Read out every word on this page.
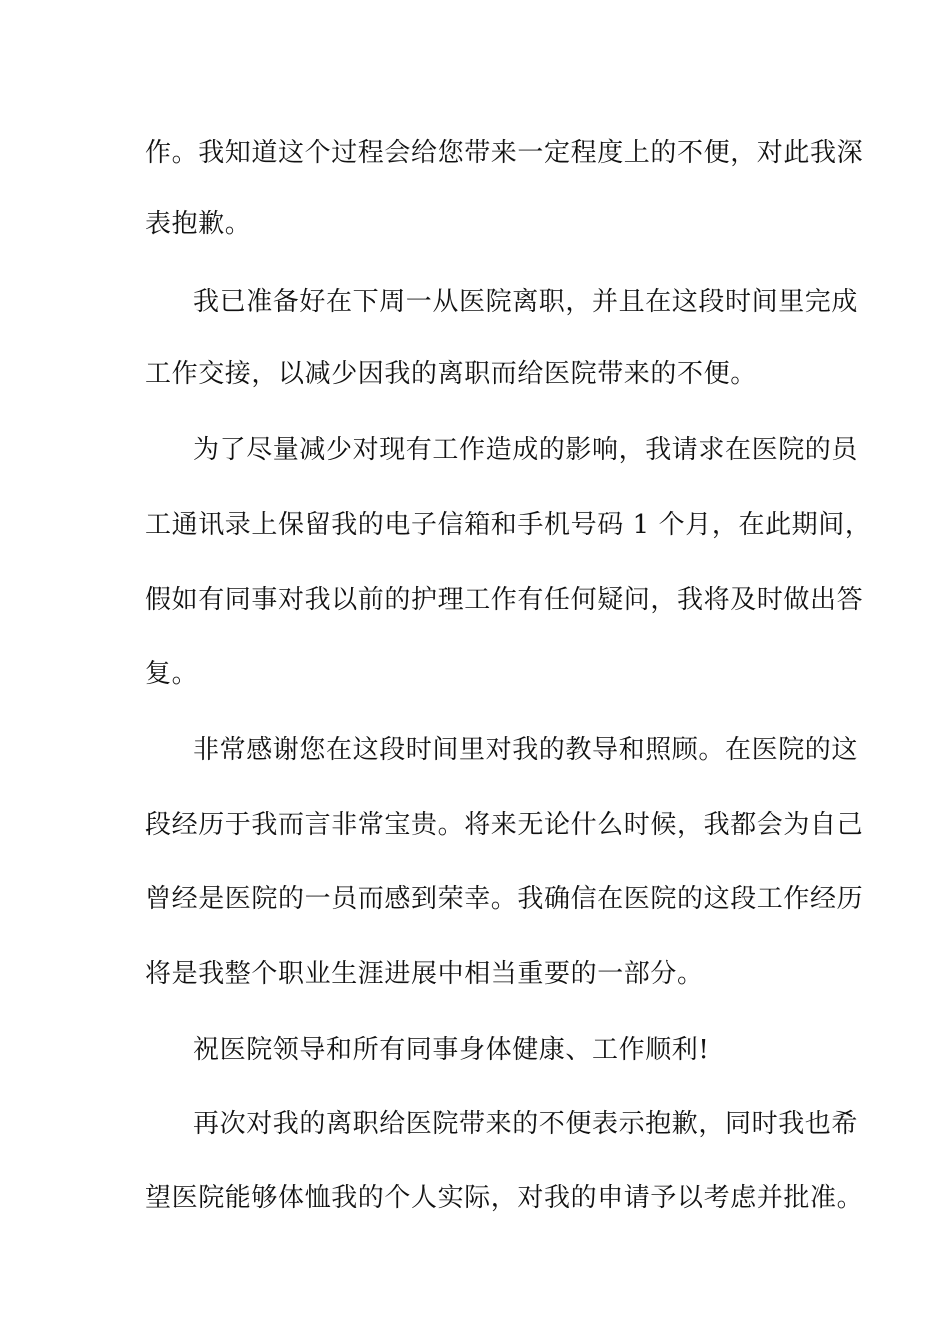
作。我知道这个过程会给您带来一定程度上的不便，对此我深
表抱歉。
我已准备好在下周一从医院离职，并且在这段时间里完成
工作交接，以减少因我的离职而给医院带来的不便。
为了尽量减少对现有工作造成的影响，我请求在医院的员
工通讯录上保留我的电子信箱和手机号码 1 个月，在此期间，
假如有同事对我以前的护理工作有任何疑问，我将及时做出答
复。
非常感谢您在这段时间里对我的教导和照顾。在医院的这
段经历于我而言非常宝贵。将来无论什么时候，我都会为自己
曾经是医院的一员而感到荣幸。我确信在医院的这段工作经历
将是我整个职业生涯进展中相当重要的一部分。
祝医院领导和所有同事身体健康、工作顺利!
再次对我的离职给医院带来的不便表示抱歉，同时我也希
望医院能够体恤我的个人实际，对我的申请予以考虑并批准。
